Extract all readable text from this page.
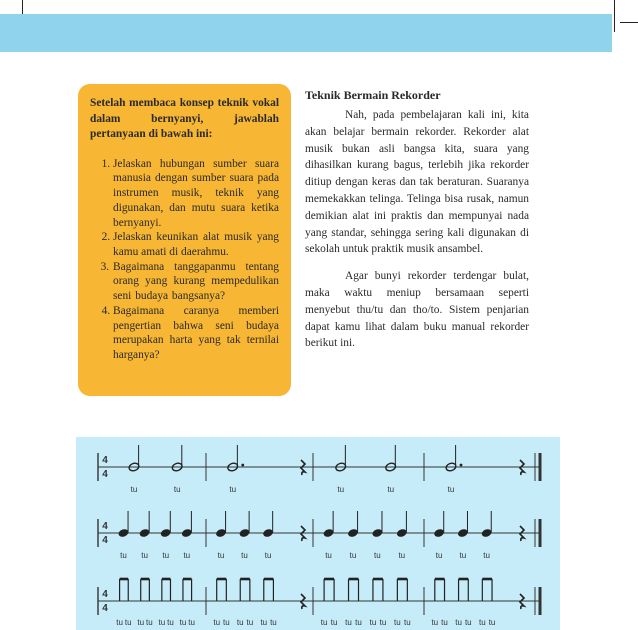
Setelah membaca konsep teknik vokal dalam bernyanyi, jawablah pertanyaan di bawah ini:

1. Jelaskan hubungan sumber suara manusia dengan sumber suara pada instrumen musik, teknik yang digunakan, dan mutu suara ketika bernyanyi.
2. Jelaskan keunikan alat musik yang kamu amati di daerahmu.
3. Bagaimana tanggapanmu tentang orang yang kurang mempedulikan seni budaya bangsanya?
4. Bagaimana caranya memberi pengertian bahwa seni budaya merupakan harta yang tak ternilai harganya?
Teknik Bermain Rekorder

Nah, pada pembelajaran kali ini, kita akan belajar bermain rekorder. Rekorder alat musik bukan asli bangsa kita, suara yang dihasilkan kurang bagus, terlebih jika rekorder ditiup dengan keras dan tak beraturan. Suaranya memekakkan telinga. Telinga bisa rusak, namun demikian alat ini praktis dan mempunyai nada yang standar, sehingga sering kali digunakan di sekolah untuk praktik musik ansambel.

Agar bunyi rekorder terdengar bulat, maka waktu meniup bersamaan seperti menyebut thu/tu dan tho/to. Sistem penjarian dapat kamu lihat dalam buku manual rekorder berikut ini.

4
4
tu	tu	tu	tu	tu	tu
4
4
tu tu tu tu	tu tu tu	tu tu tu tu	tu tu tu
4
4
tu tu tu tu tu tu tu tu tu tu tu tu tu tu	tu tu tu tu tu tu tu tu	tu tu tu tu tu tu
